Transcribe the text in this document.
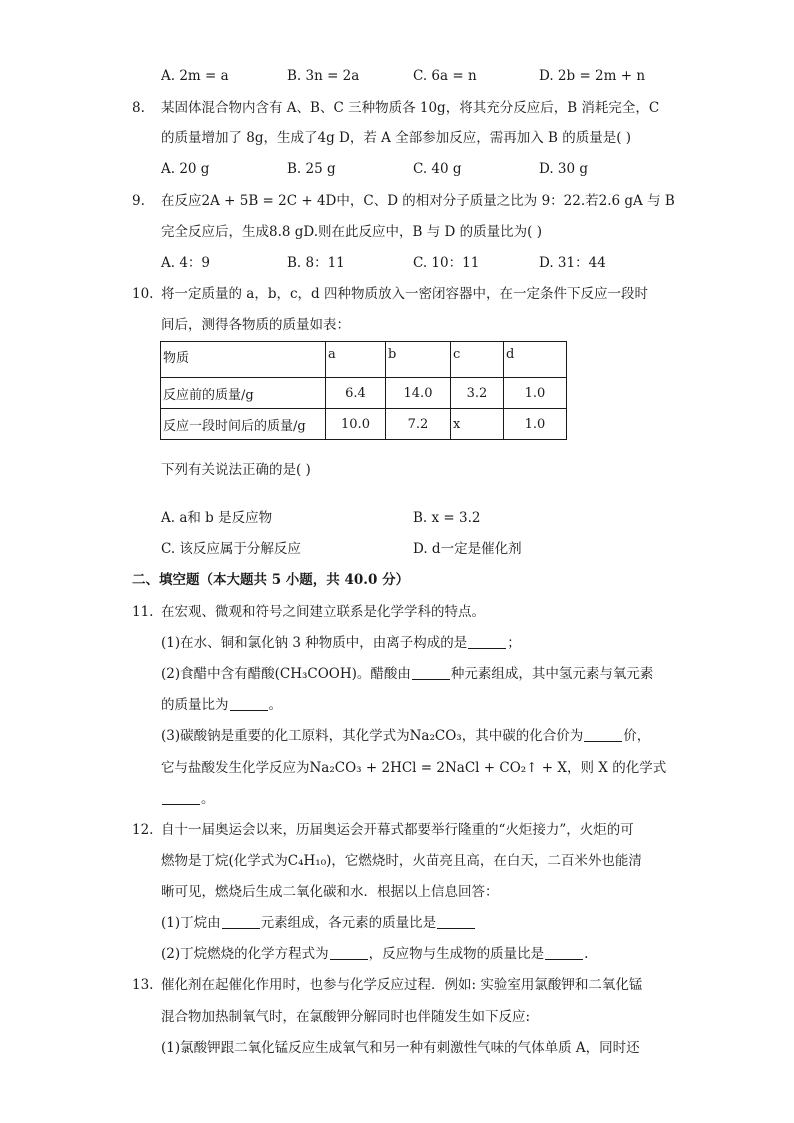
A. 2m = a	B. 3n = 2a	C. 6a = n	D. 2b = 2m + n
8. 某固体混合物内含有 A、B、C 三种物质各 10g，将其充分反应后，B 消耗完全，C
的质量增加了 8g，生成了4g D，若 A 全部参加反应，需再加入 B 的质量是( )
A. 20 g	B. 25 g	C. 40 g	D. 30 g
9. 在反应2A + 5B = 2C + 4D中，C、D 的相对分子质量之比为 9：22.若2.6 gA 与 B
完全反应后，生成8.8 gD.则在此反应中，B 与 D 的质量比为( )
A. 4：9	B. 8：11	C. 10：11	D. 31：44
10. 将一定质量的 a，b，c，d 四种物质放入一密闭容器中，在一定条件下反应一段时
间后，测得各物质的质量如表：
物质	a	b	c	d
反应前的质量/g	6.4	14.0	3.2	1.0
反应一段时间后的质量/g	10.0	7.2	x	1.0
下列有关说法正确的是( )
A. a和 b 是反应物	B. x = 3.2
C. 该反应属于分解反应	D. d一定是催化剂
二、填空题（本大题共 5 小题，共 40.0 分）
11. 在宏观、微观和符号之间建立联系是化学学科的特点。
(1)在水、铜和氯化钠 3 种物质中，由离子构成的是	；
(2)食醋中含有醋酸(CH₃COOH)。醋酸由	种元素组成，其中氢元素与氧元素
的质量比为	。
(3)碳酸钠是重要的化工原料，其化学式为Na₂CO₃，其中碳的化合价为	价，
它与盐酸发生化学反应为Na₂CO₃ + 2HCl = 2NaCl + CO₂↑ + X，则 X 的化学式
。
12. 自十一届奥运会以来，历届奥运会开幕式都要举行隆重的“火炬接力”，火炬的可
燃物是丁烷(化学式为C₄H₁₀)，它燃烧时，火苗亮且高，在白天，二百米外也能清
晰可见，燃烧后生成二氧化碳和水．根据以上信息回答：
(1)丁烷由	元素组成，各元素的质量比是
(2)丁烷燃烧的化学方程式为	，反应物与生成物的质量比是	.
13. 催化剂在起催化作用时，也参与化学反应过程．例如: 实验室用氯酸钾和二氧化锰
混合物加热制氧气时，在氯酸钾分解同时也伴随发生如下反应:
(1)氯酸钾跟二氧化锰反应生成氧气和另一种有刺激性气味的气体单质 A，同时还
